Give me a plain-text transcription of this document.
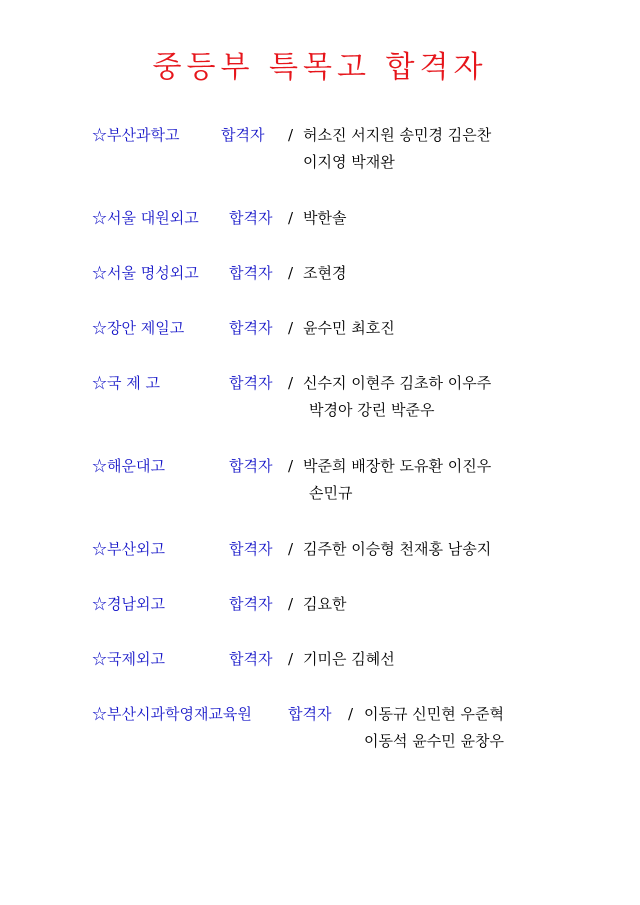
중등부 특목고 합격자
☆부산과학고	합격자 / 허소진 서지원 송민경 김은찬
이지영 박재완
☆서울 대원외고 합격자 / 박한솔
☆서울 명성외고 합격자 / 조현경
☆장안 제일고	합격자 / 윤수민 최호진
☆국 제 고	합격자 / 신수지 이현주 김초하 이우주
박경아 강린 박준우
☆해운대고	합격자 / 박준희 배장한 도유환 이진우
손민규
☆부산외고	합격자 / 김주한 이승형 천재홍 남송지
☆경남외고	합격자 / 김요한
☆국제외고	합격자 / 기미은 김혜선
☆부산시과학영재교육원 합격자 / 이동규 신민현 우준혁
이동석 윤수민 윤창우
